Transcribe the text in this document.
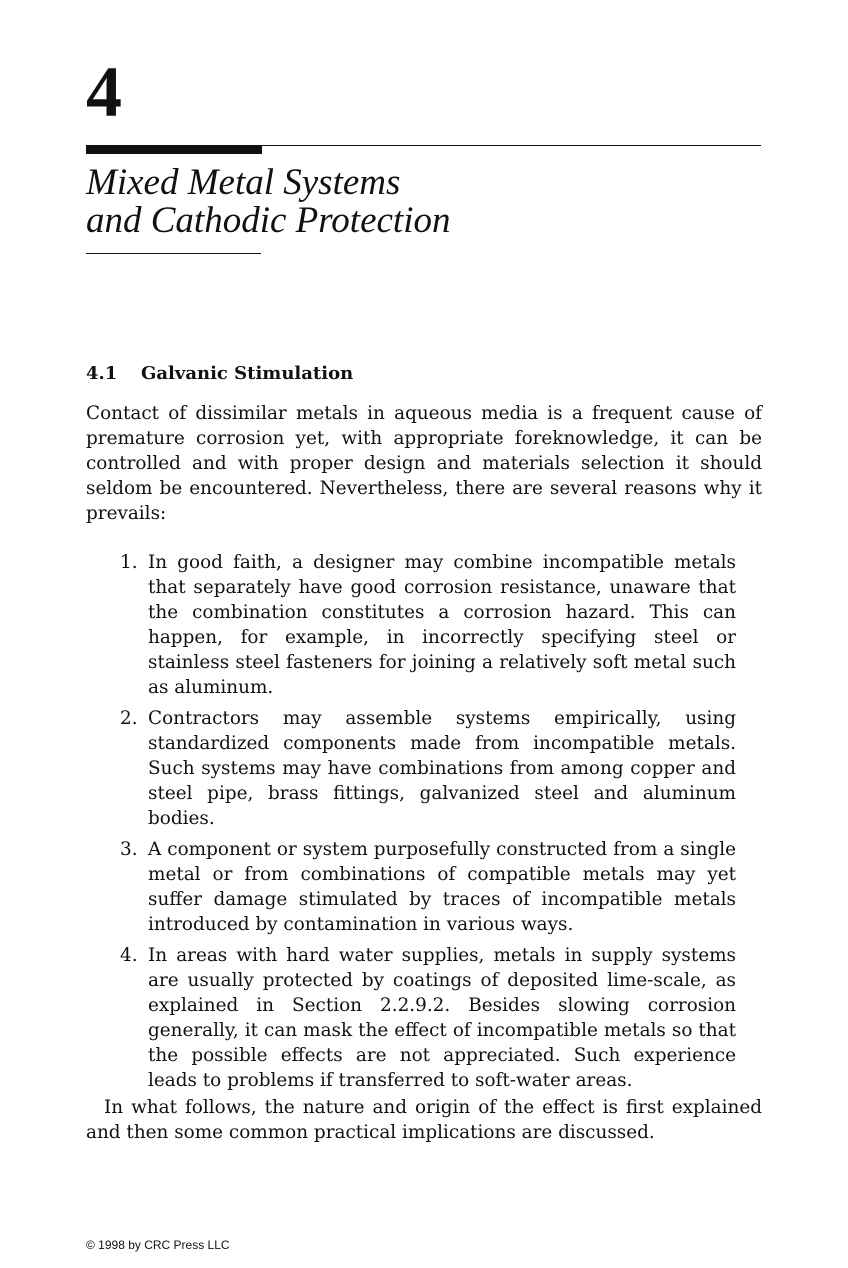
4
Mixed Metal Systems
and Cathodic Protection
4.1 Galvanic Stimulation

Contact of dissimilar metals in aqueous media is a frequent cause of premature corrosion yet, with appropriate foreknowledge, it can be controlled and with proper design and materials selection it should seldom be encountered. Nevertheless, there are several reasons why it prevails:

1. In good faith, a designer may combine incompatible metals that separately have good corrosion resistance, unaware that the combination constitutes a corrosion hazard. This can happen, for example, in incorrectly specifying steel or stainless steel fasteners for joining a relatively soft metal such as aluminum.

2. Contractors may assemble systems empirically, using standardized components made from incompatible metals. Such systems may have combinations from among copper and steel pipe, brass fittings, galvanized steel and aluminum bodies.

3. A component or system purposefully constructed from a single metal or from combinations of compatible metals may yet suffer damage stimulated by traces of incompatible metals introduced by contamination in various ways.

4. In areas with hard water supplies, metals in supply systems are usually protected by coatings of deposited lime-scale, as explained in Section 2.2.9.2. Besides slowing corrosion generally, it can mask the effect of incompatible metals so that the possible effects are not appreciated. Such experience leads to problems if transferred to soft-water areas.

In what follows, the nature and origin of the effect is first explained and then some common practical implications are discussed.

© 1998 by CRC Press LLC
